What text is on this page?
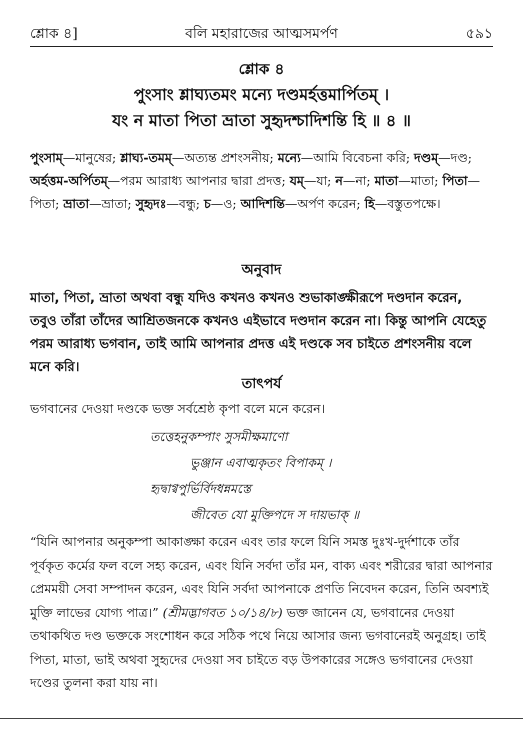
শ্লোক ৪]	বলি মহারাজের আত্মসমর্পণ	৫৯১
শ্লোক ৪
পুংসাং শ্লাঘ্যতমং মন্যে দণ্ডমর্হত্তমার্পিতম্ ।
যং ন মাতা পিতা ভ্রাতা সুহৃদশ্চাদিশন্তি হি ॥ ৪ ॥
পুংসাম্—মানুষের; শ্লাঘ্য-তমম্—অত্যন্ত প্রশংসনীয়; মন্যে—আমি বিবেচনা করি; দণ্ডম্—দণ্ড; অর্হত্তম-অর্পিতম্—পরম আরাধ্য আপনার দ্বারা প্রদত্ত; যম্—যা; ন—না; মাতা—মাতা; পিতা—পিতা; ভ্রাতা—ভ্রাতা; সুহৃদঃ—বন্ধু; চ—ও; আদিশন্তি—অর্পণ করেন; হি—বস্তুতপক্ষে।
অনুবাদ
মাতা, পিতা, ভ্রাতা অথবা বন্ধু যদিও কখনও কখনও শুভাকাঙ্ক্ষীরূপে দণ্ডদান করেন, তবুও তাঁরা তাঁদের আশ্রিতজনকে কখনও এইভাবে দণ্ডদান করেন না। কিন্তু আপনি যেহেতু পরম আরাধ্য ভগবান, তাই আমি আপনার প্রদত্ত এই দণ্ডকে সব চাইতে প্রশংসনীয় বলে মনে করি।
তাৎপর্য
ভগবানের দেওয়া দণ্ডকে ভক্ত সর্বশ্রেষ্ঠ কৃপা বলে মনে করেন।
তত্তেহনুকম্পাং সুসমীক্ষমাণো
ভুঞ্জান এবাত্মকৃতং বিপাকম্ ।
হৃদ্বাগ্বপুর্ভির্বিদধন্নমস্তে
জীবেত যো মুক্তিপদে স দায়ভাক্ ॥
“যিনি আপনার অনুকম্পা আকাঙ্ক্ষা করেন এবং তার ফলে যিনি সমস্ত দুঃখ-দুর্দশাকে তাঁর পূর্বকৃত কর্মের ফল বলে সহ্য করেন, এবং যিনি সর্বদা তাঁর মন, বাক্য এবং শরীরের দ্বারা আপনার প্রেমময়ী সেবা সম্পাদন করেন, এবং যিনি সর্বদা আপনাকে প্রণতি নিবেদন করেন, তিনি অবশ্যই মুক্তি লাভের যোগ্য পাত্র।” (শ্রীমদ্ভাগবত ১০/১৪/৮) ভক্ত জানেন যে, ভগবানের দেওয়া তথাকথিত দণ্ড ভক্তকে সংশোধন করে সঠিক পথে নিয়ে আসার জন্য ভগবানেরই অনুগ্রহ। তাই পিতা, মাতা, ভাই অথবা সুহৃদের দেওয়া সব চাইতে বড় উপকারের সঙ্গেও ভগবানের দেওয়া দণ্ডের তুলনা করা যায় না।
